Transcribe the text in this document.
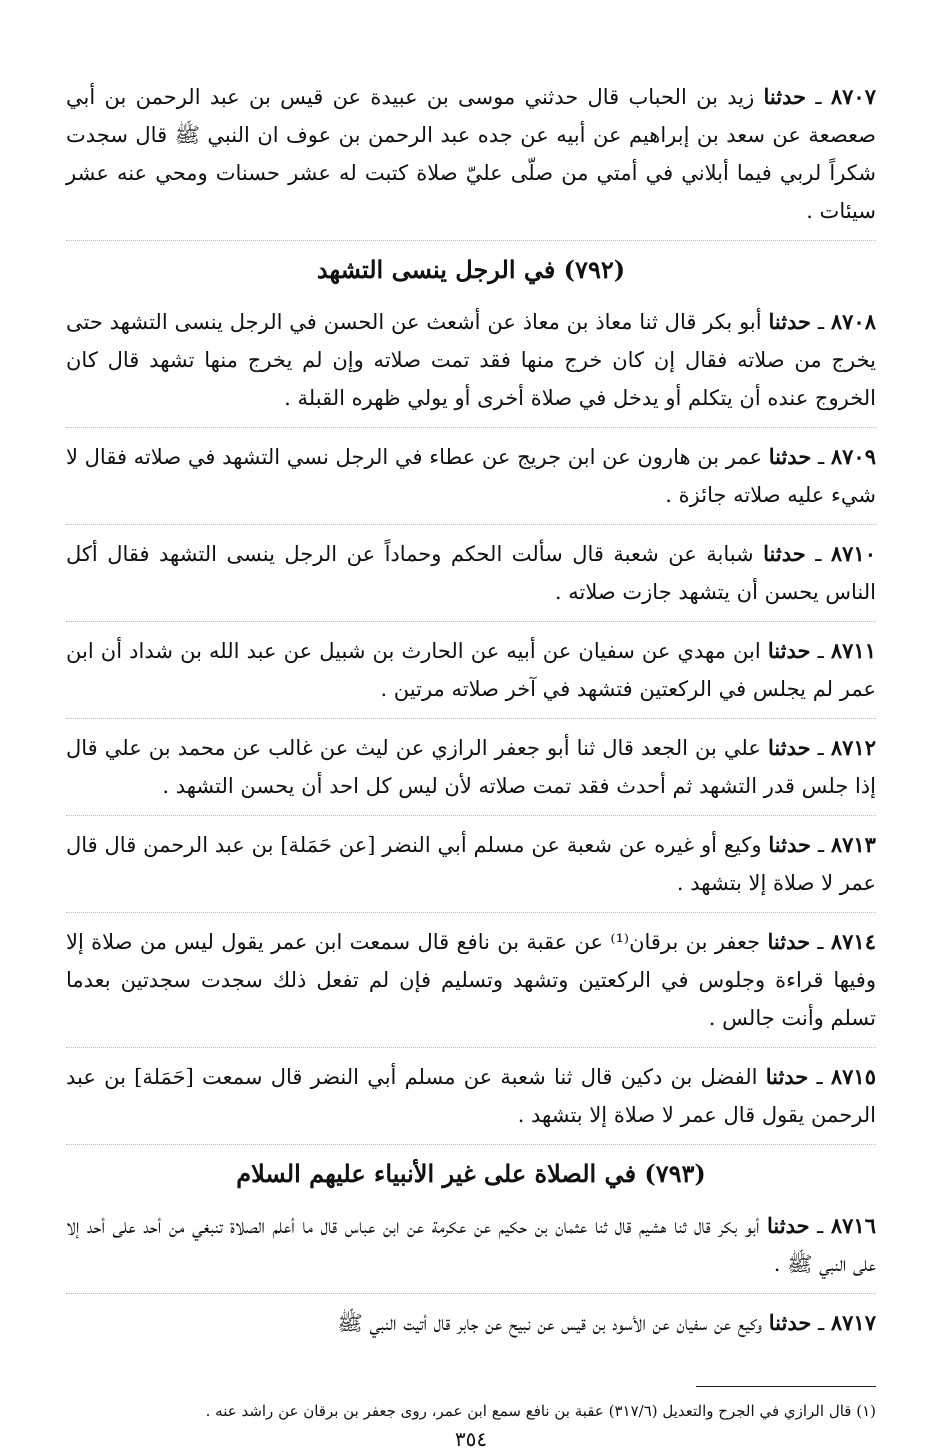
٨٧٠٧ ـ حدثنا زيد بن الحباب قال حدثني موسى بن عبيدة عن قيس بن عبد الرحمن بن أبي صعصعة عن سعد بن إبراهيم عن أبيه عن جده عبد الرحمن بن عوف ان النبي ﷺ قال سجدت شكراً لربي فيما أبلاني في أمتي من صلّى عليّ صلاة كتبت له عشر حسنات ومحي عنه عشر سيئات .

(٧٩٢) في الرجل ينسى التشهد

٨٧٠٨ ـ حدثنا أبو بكر قال ثنا معاذ بن معاذ عن أشعث عن الحسن في الرجل ينسى التشهد حتى يخرج من صلاته فقال إن كان خرج منها فقد تمت صلاته وإن لم يخرج منها تشهد قال كان الخروج عنده أن يتكلم أو يدخل في صلاة أخرى أو يولي ظهره القبلة .

٨٧٠٩ ـ حدثنا عمر بن هارون عن ابن جريج عن عطاء في الرجل نسي التشهد في صلاته فقال لا شيء عليه صلاته جائزة .

٨٧١٠ ـ حدثنا شبابة عن شعبة قال سألت الحكم وحماداً عن الرجل ينسى التشهد فقال أكل الناس يحسن أن يتشهد جازت صلاته .

٨٧١١ ـ حدثنا ابن مهدي عن سفيان عن أبيه عن الحارث بن شبيل عن عبد الله بن شداد أن ابن عمر لم يجلس في الركعتين فتشهد في آخر صلاته مرتين .

٨٧١٢ ـ حدثنا علي بن الجعد قال ثنا أبو جعفر الرازي عن ليث عن غالب عن محمد بن علي قال إذا جلس قدر التشهد ثم أحدث فقد تمت صلاته لأن ليس كل احد أن يحسن التشهد .

٨٧١٣ ـ حدثنا وكيع أو غيره عن شعبة عن مسلم أبي النضر [عن حَمَلة] بن عبد الرحمن قال قال عمر لا صلاة إلا بتشهد .

٨٧١٤ ـ حدثنا جعفر بن برقان⁽¹⁾ عن عقبة بن نافع قال سمعت ابن عمر يقول ليس من صلاة إلا وفيها قراءة وجلوس في الركعتين وتشهد وتسليم فإن لم تفعل ذلك سجدت سجدتين بعدما تسلم وأنت جالس .

٨٧١٥ ـ حدثنا الفضل بن دكين قال ثنا شعبة عن مسلم أبي النضر قال سمعت [حَمَلة] بن عبد الرحمن يقول قال عمر لا صلاة إلا بتشهد .

(٧٩٣) في الصلاة على غير الأنبياء عليهم السلام

٨٧١٦ ـ حدثنا أبو بكر قال ثنا هشيم قال ثنا عثمان بن حكيم عن عكرمة عن ابن عباس قال ما أعلم الصلاة تنبغي من أحد على أحد إلا على النبي ﷺ .

٨٧١٧ ـ حدثنا وكيع عن سفيان عن الأسود بن قيس عن نبيح عن جابر قال أتيت النبي ﷺ

(١) قال الرازي في الجرح والتعديل (٣١٧/٦) عقبة بن نافع سمع ابن عمر، روى جعفر بن برقان عن راشد عنه .

٣٥٤
